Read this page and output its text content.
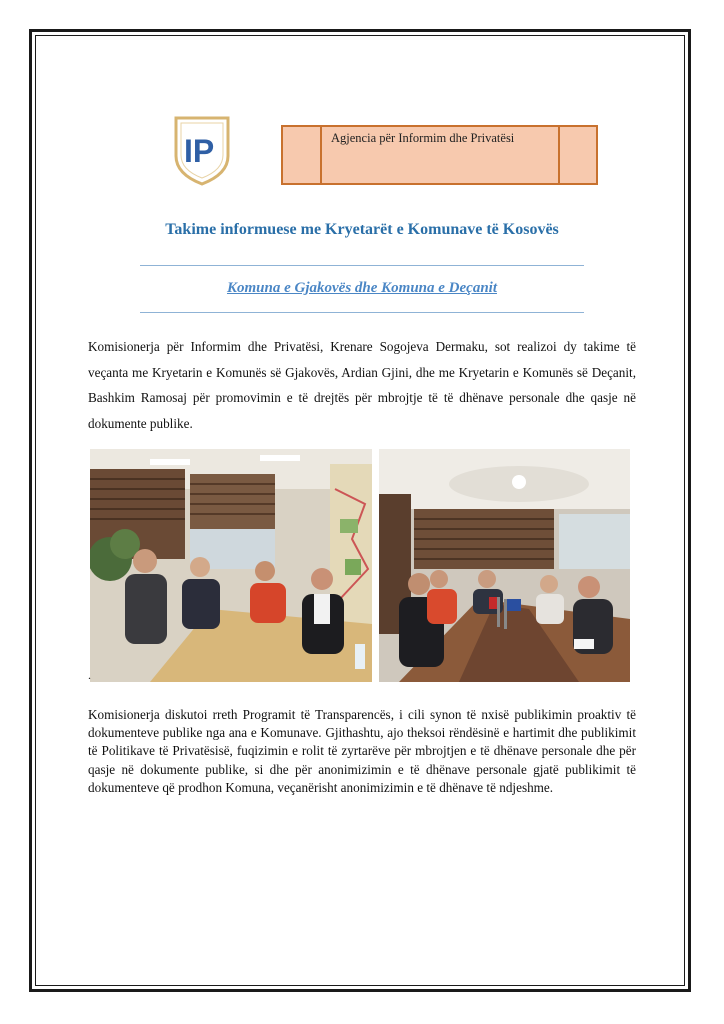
IP	Agjencia për Informim dhe Privatësi
Takime informuese me Kryetarët e Komunave të Kosovës
Komuna e Gjakovës dhe Komuna e Deçanit

Komisionerja për Informim dhe Privatësi, Krenare Sogojeva Dermaku, sot realizoi dy takime të veçanta me Kryetarin e Komunës së Gjakovës, Ardian Gjini, dhe me Kryetarin e Komunës së Deçanit, Bashkim Ramosaj për promovimin e të drejtës për mbrojtje të të dhënave personale dhe qasje në dokumente publike.

.

Komisionerja diskutoi rreth Programit të Transparencës, i cili synon të nxisë publikimin proaktiv të dokumenteve publike nga ana e Komunave. Gjithashtu, ajo theksoi rëndësinë e hartimit dhe publikimit të Politikave të Privatësisë, fuqizimin e rolit të zyrtarëve për mbrojtjen e të dhënave personale dhe për qasje në dokumente publike, si dhe për anonimizimin e të dhënave personale gjatë publikimit të dokumenteve që prodhon Komuna, veçanërisht anonimizimin e të dhënave të ndjeshme.
